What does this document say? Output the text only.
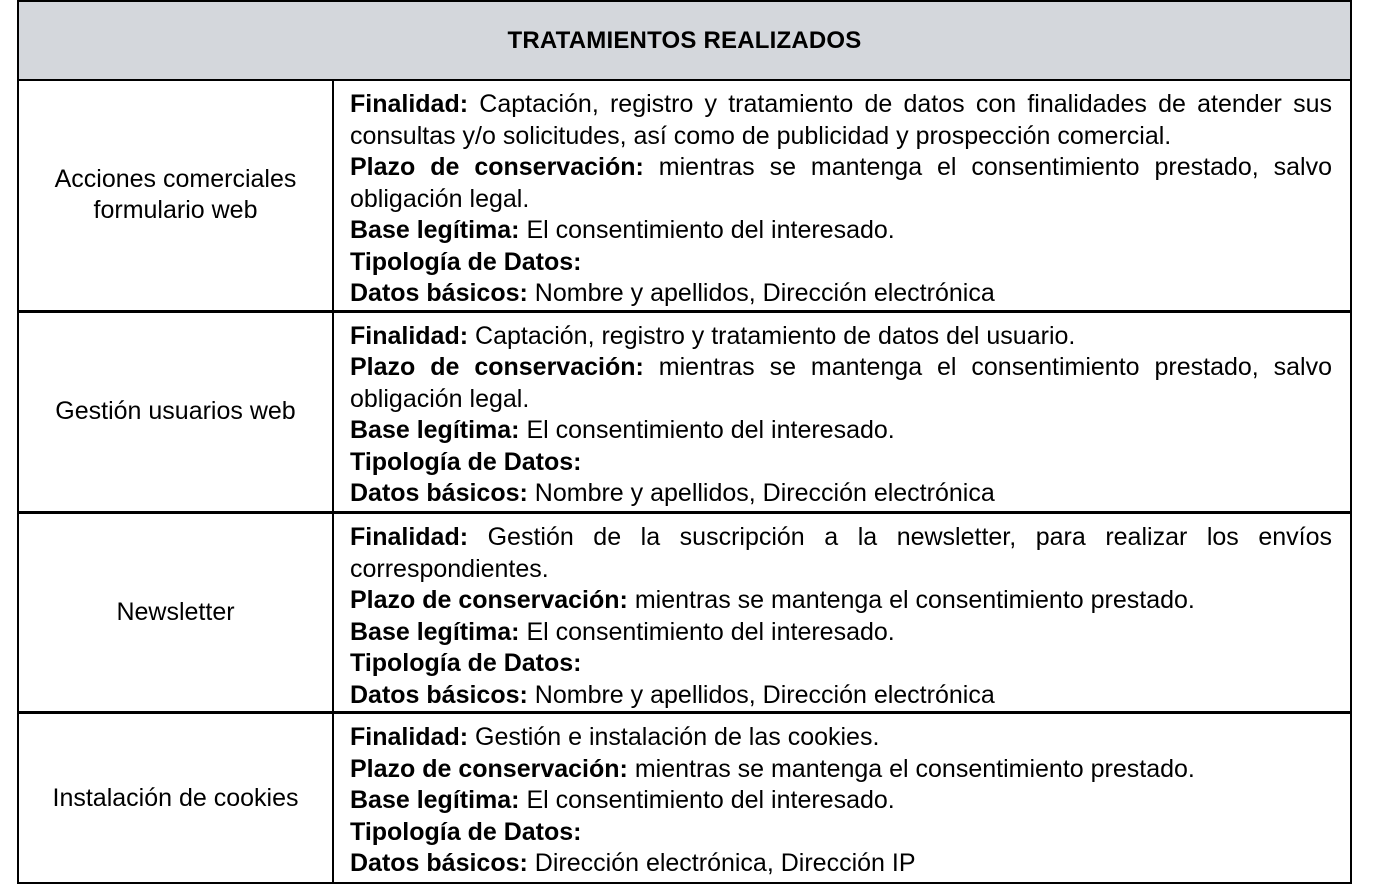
TRATAMIENTOS REALIZADOS	
Acciones comerciales formulario web	Finalidad: Captación, registro y tratamiento de datos con finalidades de atender sus consultas y/o solicitudes, así como de publicidad y prospección comercial.
Plazo de conservación: mientras se mantenga el consentimiento prestado, salvo obligación legal.
Base legítima: El consentimiento del interesado.
Tipología de Datos:
Datos básicos: Nombre y apellidos, Dirección electrónica

Gestión usuarios web	Finalidad: Captación, registro y tratamiento de datos del usuario.
Plazo de conservación: mientras se mantenga el consentimiento prestado, salvo obligación legal.
Base legítima: El consentimiento del interesado.
Tipología de Datos:
Datos básicos: Nombre y apellidos, Dirección electrónica

Newsletter	Finalidad: Gestión de la suscripción a la newsletter, para realizar los envíos correspondientes.
Plazo de conservación: mientras se mantenga el consentimiento prestado.
Base legítima: El consentimiento del interesado.
Tipología de Datos:
Datos básicos: Nombre y apellidos, Dirección electrónica

Instalación de cookies	Finalidad: Gestión e instalación de las cookies.
Plazo de conservación: mientras se mantenga el consentimiento prestado.
Base legítima: El consentimiento del interesado.
Tipología de Datos:
Datos básicos: Dirección electrónica, Dirección IP
